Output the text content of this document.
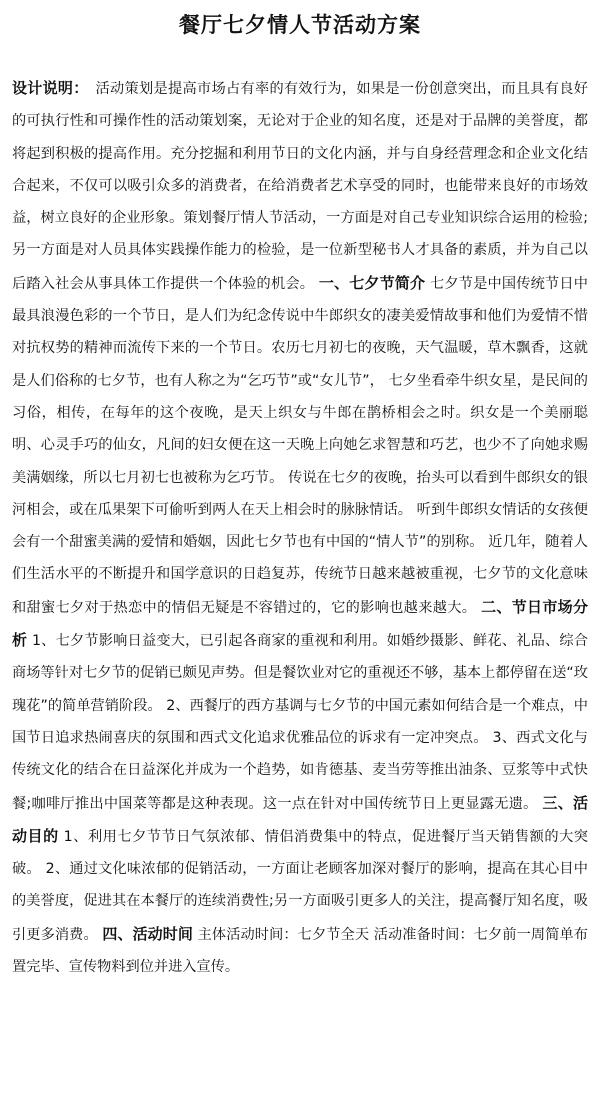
餐厅七夕情人节活动方案
设计说明：　活动策划是提高市场占有率的有效行为，如果是一份创意突出，而且具有良好的可执行性和可操作性的活动策划案，无论对于企业的知名度，还是对于品牌的美誉度，都将起到积极的提高作用。充分挖掘和利用节日的文化内涵，并与自身经营理念和企业文化结合起来，不仅可以吸引众多的消费者，在给消费者艺术享受的同时，也能带来良好的市场效益，树立良好的企业形象。策划餐厅情人节活动，一方面是对自己专业知识综合运用的检验;另一方面是对人员具体实践操作能力的检验，是一位新型秘书人才具备的素质，并为自己以后踏入社会从事具体工作提供一个体验的机会。 一、七夕节简介 七夕节是中国传统节日中最具浪漫色彩的一个节日，是人们为纪念传说中牛郎织女的凄美爱情故事和他们为爱情不惜对抗权势的精神而流传下来的一个节日。农历七月初七的夜晚，天气温暖，草木飘香，这就是人们俗称的七夕节，也有人称之为“乞巧节”或“女儿节”， 七夕坐看牵牛织女星，是民间的习俗，相传，在每年的这个夜晚，是天上织女与牛郎在鹊桥相会之时。织女是一个美丽聪明、心灵手巧的仙女，凡间的妇女便在这一天晚上向她乞求智慧和巧艺，也少不了向她求赐美满姻缘，所以七月初七也被称为乞巧节。 传说在七夕的夜晚，抬头可以看到牛郎织女的银河相会，或在瓜果架下可偷听到两人在天上相会时的脉脉情话。 听到牛郎织女情话的女孩便会有一个甜蜜美满的爱情和婚姻，因此七夕节也有中国的“情人节”的别称。 近几年，随着人们生活水平的不断提升和国学意识的日趋复苏，传统节日越来越被重视，七夕节的文化意味和甜蜜七夕对于热恋中的情侣无疑是不容错过的，它的影响也越来越大。 二、节日市场分析 1、七夕节影响日益变大，已引起各商家的重视和利用。如婚纱摄影、鲜花、礼品、综合商场等针对七夕节的促销已颇见声势。但是餐饮业对它的重视还不够，基本上都停留在送“玫瑰花”的简单营销阶段。 2、西餐厅的西方基调与七夕节的中国元素如何结合是一个难点，中国节日追求热闹喜庆的氛围和西式文化追求优雅品位的诉求有一定冲突点。 3、西式文化与传统文化的结合在日益深化并成为一个趋势，如肯德基、麦当劳等推出油条、豆浆等中式快餐;咖啡厅推出中国菜等都是这种表现。这一点在针对中国传统节日上更显露无遗。 三、活动目的 1、利用七夕节节日气氛浓郁、情侣消费集中的特点，促进餐厅当天销售额的大突破。 2、通过文化味浓郁的促销活动，一方面让老顾客加深对餐厅的影响，提高在其心目中的美誉度，促进其在本餐厅的连续消费性;另一方面吸引更多人的关注，提高餐厅知名度，吸引更多消费。 四、活动时间 主体活动时间：七夕节全天 活动准备时间：七夕前一周简单布置完毕、宣传物料到位并进入宣传。
